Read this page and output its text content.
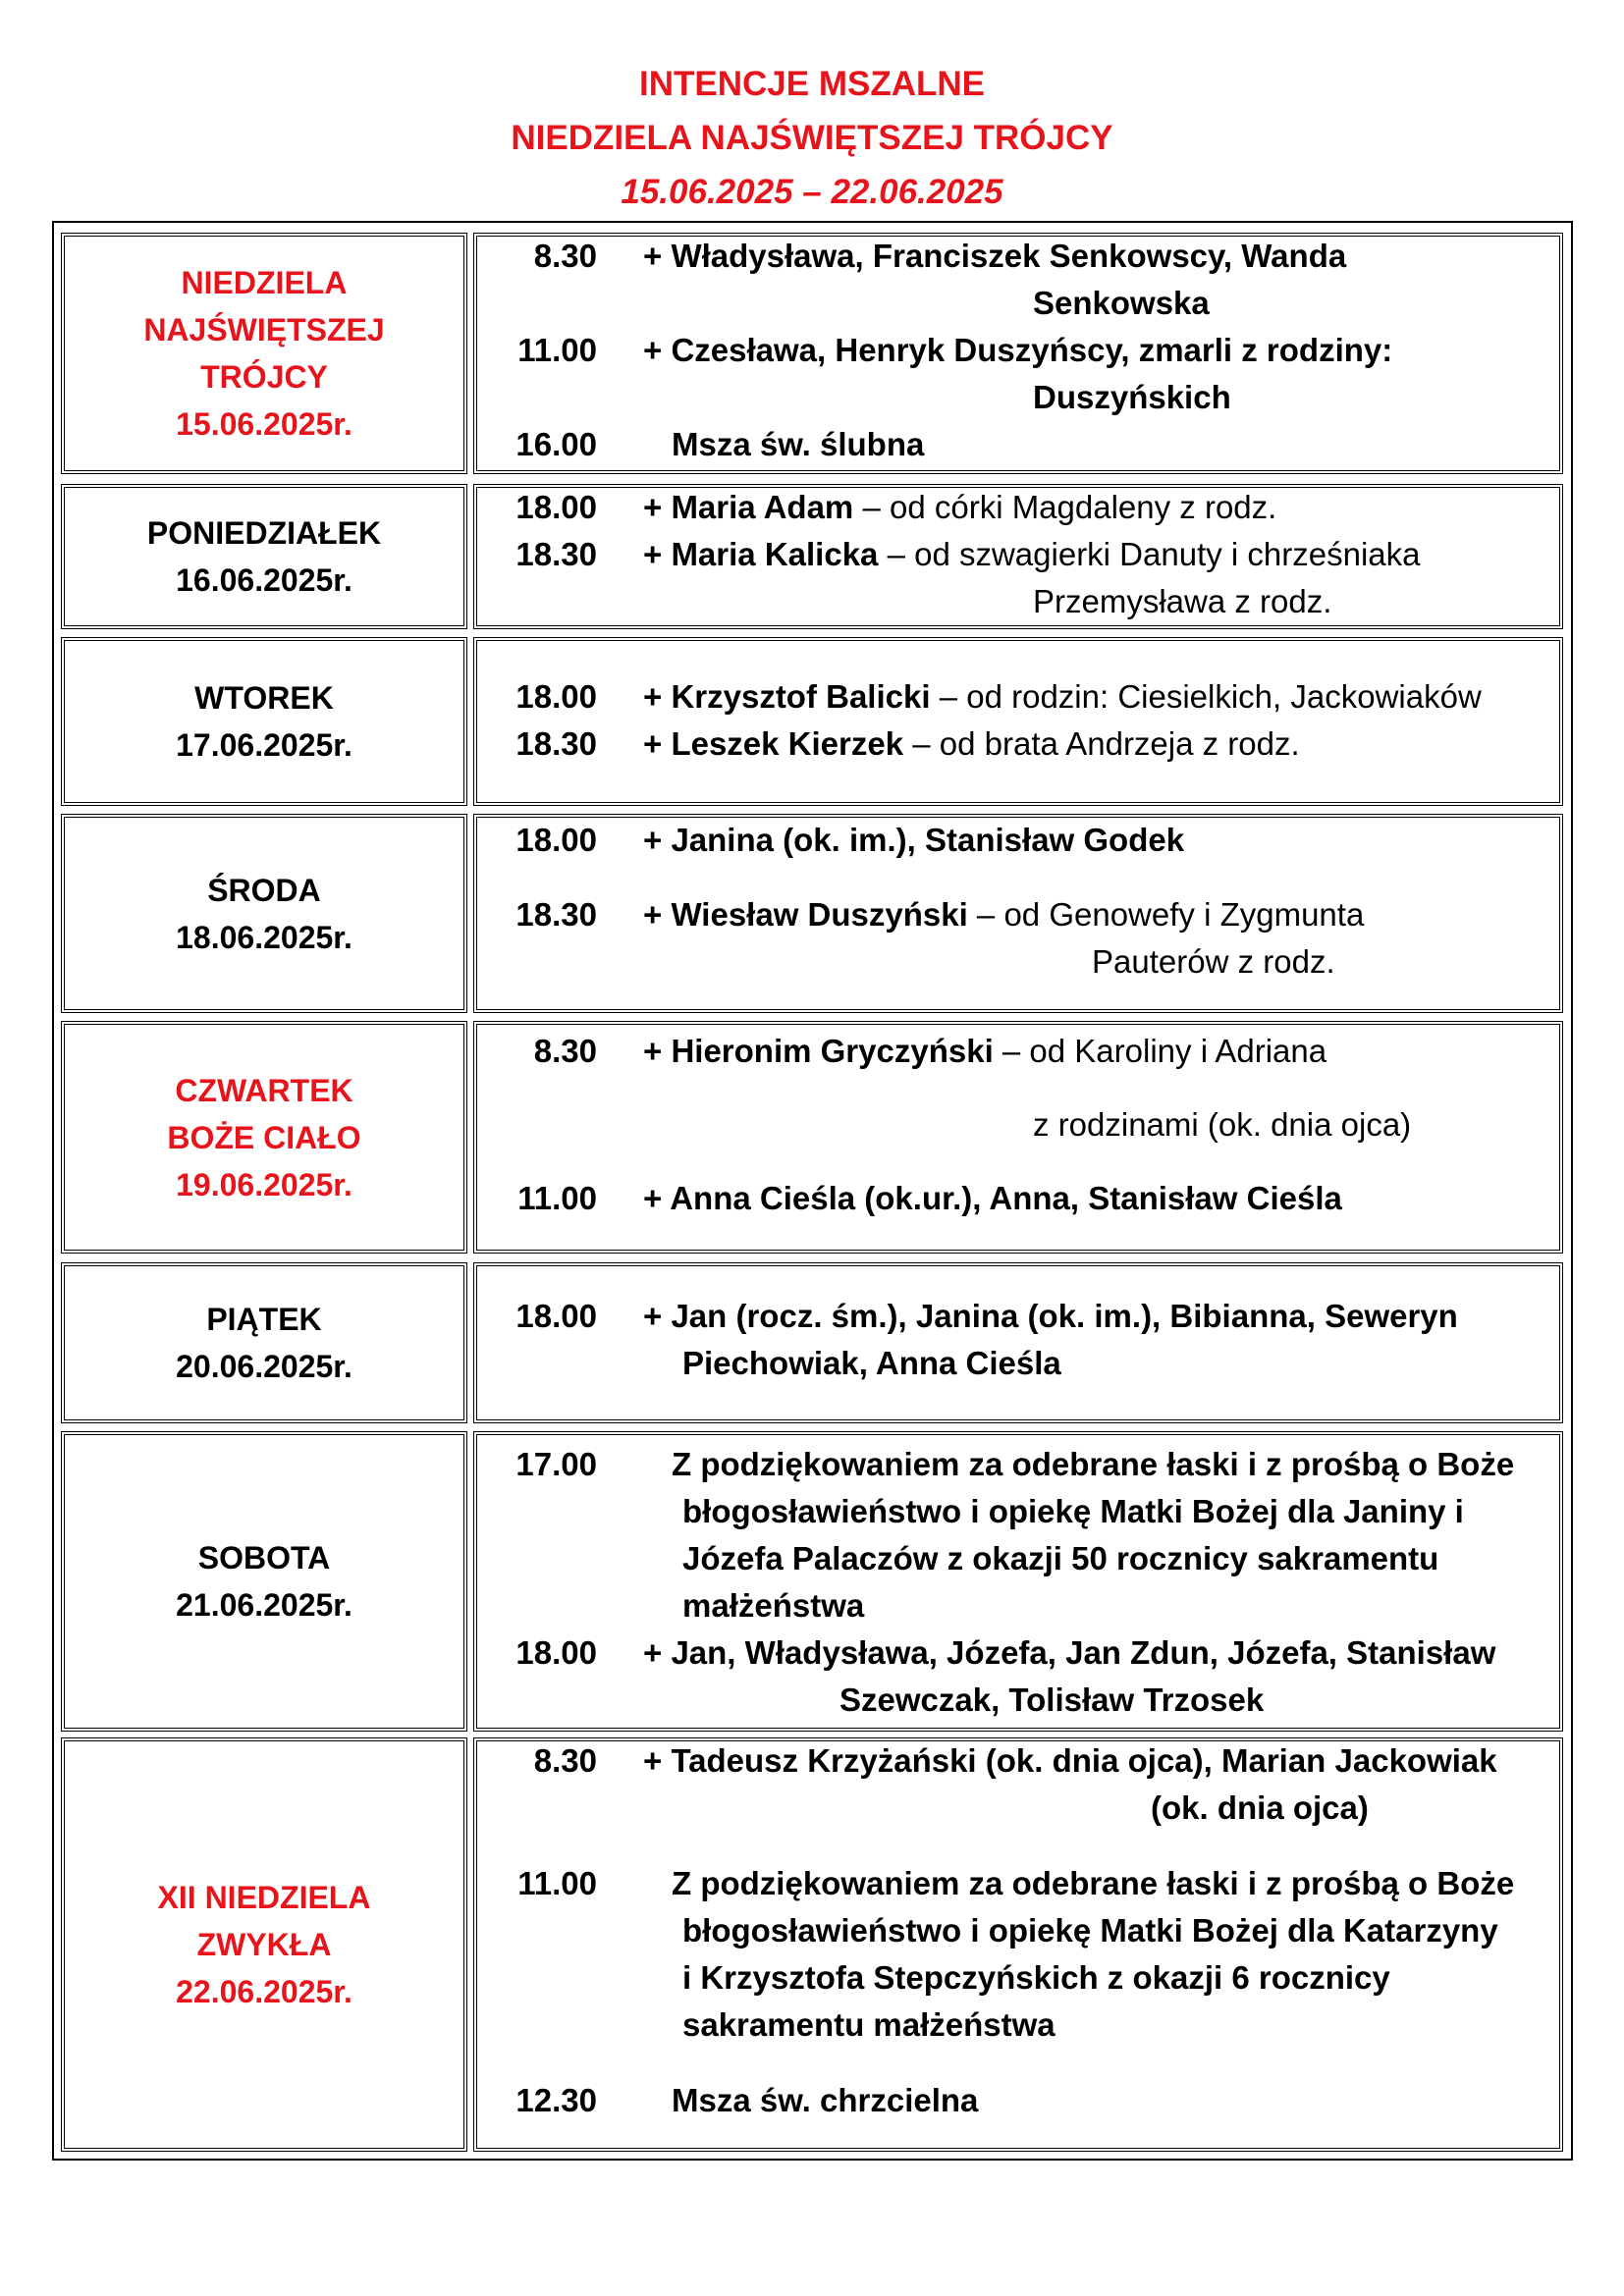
INTENCJE MSZALNE
NIEDZIELA NAJŚWIĘTSZEJ TRÓJCY
15.06.2025 – 22.06.2025
NIEDZIELA
NAJŚWIĘTSZEJ
TRÓJCY
15.06.2025r.
8.30 + Władysława, Franciszek Senkowscy, Wanda
Senkowska
11.00 + Czesława, Henryk Duszyńscy, zmarli z rodziny:
Duszyńskich
16.00 Msza św. ślubna
PONIEDZIAŁEK
16.06.2025r.
18.00 + Maria Adam – od córki Magdaleny z rodz.
18.30 + Maria Kalicka – od szwagierki Danuty i chrześniaka
Przemysława z rodz.
WTOREK
17.06.2025r.
18.00 + Krzysztof Balicki – od rodzin: Ciesielkich, Jackowiaków
18.30 + Leszek Kierzek – od brata Andrzeja z rodz.
ŚRODA
18.06.2025r.
18.00 + Janina (ok. im.), Stanisław Godek
18.30 + Wiesław Duszyński – od Genowefy i Zygmunta
Pauterów z rodz.
CZWARTEK
BOŻE CIAŁO
19.06.2025r.
8.30 + Hieronim Gryczyński – od Karoliny i Adriana
z rodzinami (ok. dnia ojca)
11.00 + Anna Cieśla (ok.ur.), Anna, Stanisław Cieśla
PIĄTEK
20.06.2025r.
18.00 + Jan (rocz. śm.), Janina (ok. im.), Bibianna, Seweryn
Piechowiak, Anna Cieśla
SOBOTA
21.06.2025r.
17.00 Z podziękowaniem za odebrane łaski i z prośbą o Boże
błogosławieństwo i opiekę Matki Bożej dla Janiny i
Józefa Palaczów z okazji 50 rocznicy sakramentu
małżeństwa
18.00 + Jan, Władysława, Józefa, Jan Zdun, Józefa, Stanisław
Szewczak, Tolisław Trzosek
XII NIEDZIELA
ZWYKŁA
22.06.2025r.
8.30 + Tadeusz Krzyżański (ok. dnia ojca), Marian Jackowiak
(ok. dnia ojca)
11.00 Z podziękowaniem za odebrane łaski i z prośbą o Boże
błogosławieństwo i opiekę Matki Bożej dla Katarzyny
i Krzysztofa Stepczyńskich z okazji 6 rocznicy
sakramentu małżeństwa
12.30 Msza św. chrzcielna
